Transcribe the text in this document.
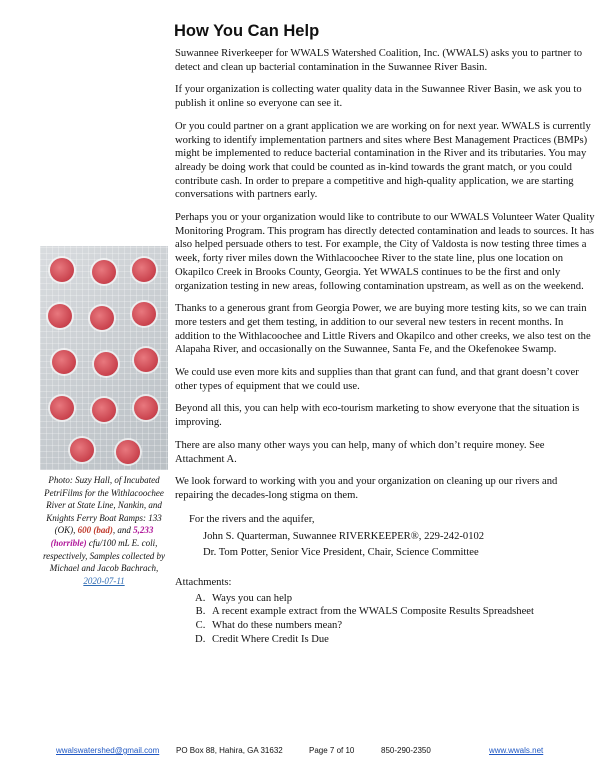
How You Can Help

Suwannee Riverkeeper for WWALS Watershed Coalition, Inc. (WWALS) asks you to partner to detect and clean up bacterial contamination in the Suwannee River Basin.

If your organization is collecting water quality data in the Suwannee River Basin, we ask you to publish it online so everyone can see it.

Or you could partner on a grant application we are working on for next year. WWALS is currently working to identify implementation partners and sites where Best Management Practices (BMPs) might be implemented to reduce bacterial contamination in the River and its tributaries. You may already be doing work that could be counted as in-kind towards the grant match, or you could contribute cash. In order to prepare a competitive and high-quality application, we are starting conversations with partners early.

Perhaps you or your organization would like to contribute to our WWALS Volunteer Water Quality Monitoring Program. This program has directly detected contamination and leads to sources. It has also helped persuade others to test. For example, the City of Valdosta is now testing three times a week, forty river miles down the Withlacoochee River to the state line, plus one location on Okapilco Creek in Brooks County, Georgia. Yet WWALS continues to be the first and only organization testing in new areas, following contamination upstream, as well as on the weekend.

Thanks to a generous grant from Georgia Power, we are buying more testing kits, so we can train more testers and get them testing, in addition to our several new testers in recent months. In addition to the Withlacoochee and Little Rivers and Okapilco and other creeks, we also test on the Alapaha River, and occasionally on the Suwannee, Santa Fe, and the Okefenokee Swamp.

We could use even more kits and supplies than that grant can fund, and that grant doesn’t cover other types of equipment that we could use.

Beyond all this, you can help with eco-tourism marketing to show everyone that the situation is improving.

There are also many other ways you can help, many of which don’t require money. See Attachment A.

We look forward to working with you and your organization on cleaning up our rivers and repairing the decades-long stigma on them.

For the rivers and the aquifer,
John S. Quarterman, Suwannee RIVERKEEPER®, 229-242-0102
Dr. Tom Potter, Senior Vice President, Chair, Science Committee
Attachments:
A. Ways you can help
B. A recent example extract from the WWALS Composite Results Spreadsheet
C. What do these numbers mean?
D. Credit Where Credit Is Due
Photo: Suzy Hall, of Incubated PetriFilms for the Withlacoochee River at State Line, Nankin, and Knights Ferry Boat Ramps: 133 (OK), 600 (bad), and 5,233 (horrible) cfu/100 mL E. coli, respectively, Samples collected by Michael and Jacob Bachrach, 2020-07-11
wwalswatershed@gmail.com PO Box 88, Hahira, GA 31632	Page 7 of 10	850-290-2350	www.wwals.net
